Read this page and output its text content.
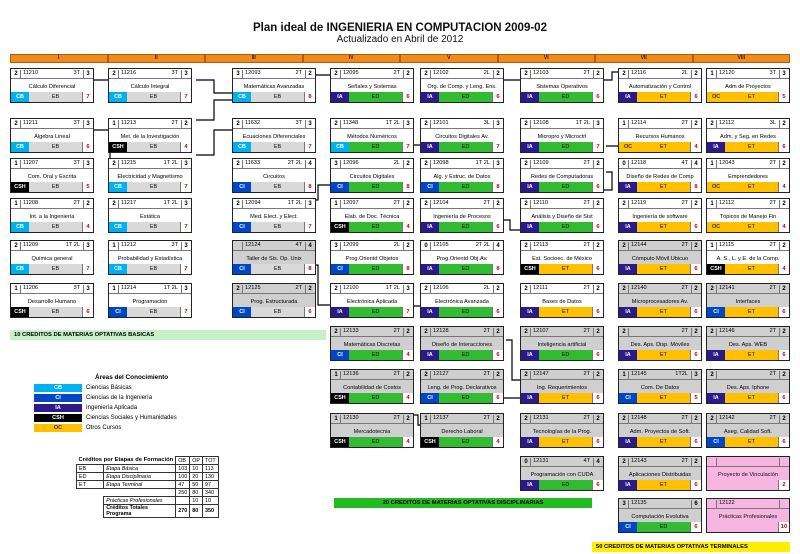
Plan ideal de INGENIERIA EN COMPUTACION 2009-02
Actualizado en Abril de 2012
I	II	III	IV	V	VI	VII	VIII
2 11210	3T	3
Cálculo Diferencial
CB	EB	7
2 11211	3T	3
Álgebra Lineal
CB	EB	6
1 11207	3T	3
Com. Oral y Escrita
CSH	EB	5
1 11208	2T	2
Int. a la Ingeniería
CB	EB	4
2 11209	1T 2L	3
Química general
CB	EB	7
1 11206	3T	3
Desarrollo Humano
CSH	EB	6
2 11216	3T	3
Cálculo Integral
CB	EB	7
1 11213	2T	2
Met. de la Investigación
CSH	EB	4
2 11215	1T 2L	3
Electricidad y Magnetismo
CB	EB	7
2 11217	1T 2L	3
Estática
CB	EB	7
1 11212	3T	3
Probabilidad y Estadística
CB	EB	7
1 11214	1T 2L	3
Programación
CI	EB	7
3 12093	2T	2
Matemáticas Avanzadas
CB	EB	8
2 11632	3T	3
Ecuaciones Diferenciales
CB	EB	7
2 11633	2T 2L	4
Circuitos
CI	EB	8
2 12094	1T 2L	3
Med. Elect. y Elect.
CI	EB	7
12124	4T	4
Taller de Sis. Op. Unix
CI	EB	8
2 12125	2T	2
Prog. Estructurada
CI	EB	6
2 12095	2T	2
Señales y Sistemas
IA	ED	6
2 11348	1T 2L	3
Métodos Numéricos
CB	ED	7
3 12096	2L	2
Circuitos Digitales
CI	ED	8
1 12097	2T	2
Elab. de Doc. Técnica
CSH	ED	4
3 12099	2L	2
Prog.Orientd Objetos
CI	ED	8
2 12100	1T 2L	3
Electrónica Aplicada
IA	ED	7
2 12102	2L	2
Org. de Comp. y Leng. Ens.
IA	ED	6
2 12101	3L	3
Circuitos Digitales Av.
IA	ED	7
2 12098	1T 2L	3
Alg. y Estruc. de Datos
CI	ED	8
2 12104	2T	2
Ingeniería de Procesos
IA	ED	6
0 12105	2T 2L	4
Prog.Orientd Obj.Av.
IA	ED	8
2 12106	2L	2
Electrónica Avanzada
IA	ED	6
2 12103	2T	2
Sistemas Operativos
IA	ED	6
2 12108	1T 2L	3
Micropro y Microctrl
IA	ED	7
2 12109	2T	2
Redes de Computadoras
IA	ED	6
2 12110	2T	2
Análisis y Diseño de Sist
IA	ED	6
2 12113	2T	2
Est. Socioec. de México
CSH	ET	6
2 12111	2T	2
Bases de Datos
IA	ET	6
2 12116	2L	2
Automatización y Control
IA	ET	6
1 12114	2T	2
Recursos Humanos
OC	ET	4
0 12118	4T	4
Diseño de Redes de Comp
IA	ET	8
2 12119	2T	2
Ingeniería de software
IA	ET	6
2 12144	2T	2
Cómputo Móvil Ubicuo
IA	ET	6
2 12140	2T	2
Microprocesadores Av.
IA	ET	6
1 12120	3T	3
Adm de Proyectos
OC	ET	5
2 12112	3L	2
Adm. y Seg. en Redes
IA	ET	6
1 12043	2T	2
Emprendedores
OC	ET	4
1 12112	2T	2
Tópicos de Manejo Fin
OC	ET	4
1 12115	2T	2
A. S., L. y E. de la Comp.
CSH	ET	4
2 12141	2T	2
Interfaces
CI	ET	6
2 12133	2T	2
Matemáticas Discretas
CI	ED	4
2 12128	2T	2
Diseño de Interacciones
IA	ED	6
2 12107	2T	2
Inteligencia artificial
IA	ED	6
2	2T	2
Des. Aps. Disp. Móviles
IA	ET	6
2 12146	2T	2
Des. Aps. WEB
IA	ET	6
1 12136	2T	2
Contabilidad de Costos
CSH	ED	4
2 12127	2T	2
Leng. de Prog. Declarativos
CI	ED	6
2 12147	2T	2
Ing. Requerimientos
IA	ET	6
1 12145	1T2L	3
Com. De Datos
CI	ET	5
2	2T	2
Des. Aps. Iphone
IA	ET	6
1 12130	2T	2
Mercadotecnia
CSH	ED	4
1 12137	2T	2
Derecho Laboral
CSH	ED	4
2 12131	2T	2
Tecnologías de la Prog.
IA	ET	6
2 12148	2T	2
Adm. Proyectos de Soft.
IA	ET	6
2 12142	2T	2
Aseg. Calidad Soft.
CI	ET	6
0 12131	4T	4
Programación con CUDA
IA	ED	6
2 12143	2T	2
Aplicaciones Distribuidas
IA	ET	6
Proyecto de Vinculación
2
3 12135	6
Computación Evolutiva
CI	ED	6
12122
Prácticas Profesionales
10
10 CREDITOS DE MATERIAS OPTATIVAS BASICAS
20 CREDITOS DE MATERIAS OPTATIVAS DISCIPLINARIAS
50 CREDITOS DE MATERIAS OPTATIVAS TERMINALES
Áreas del Conocimiento
CB	Ciencias Básicas
CI	Ciencias de la Ingeniería
IA	Ingeniería Aplicada
CSH	Ciencias Sociales y Humanidades
OC	Otros Cursos
Créditos por Etapas de Formación		OB	OP	TOT
EB	Etapa Básica	103	10	113
ED	Etapa Disciplinaria	100	20	130
ET	Etapa Terminal	47	50	97
		250	80	340
	Prácticas Profesionales		10	10
	Créditos Totales Programa	270	80	350
